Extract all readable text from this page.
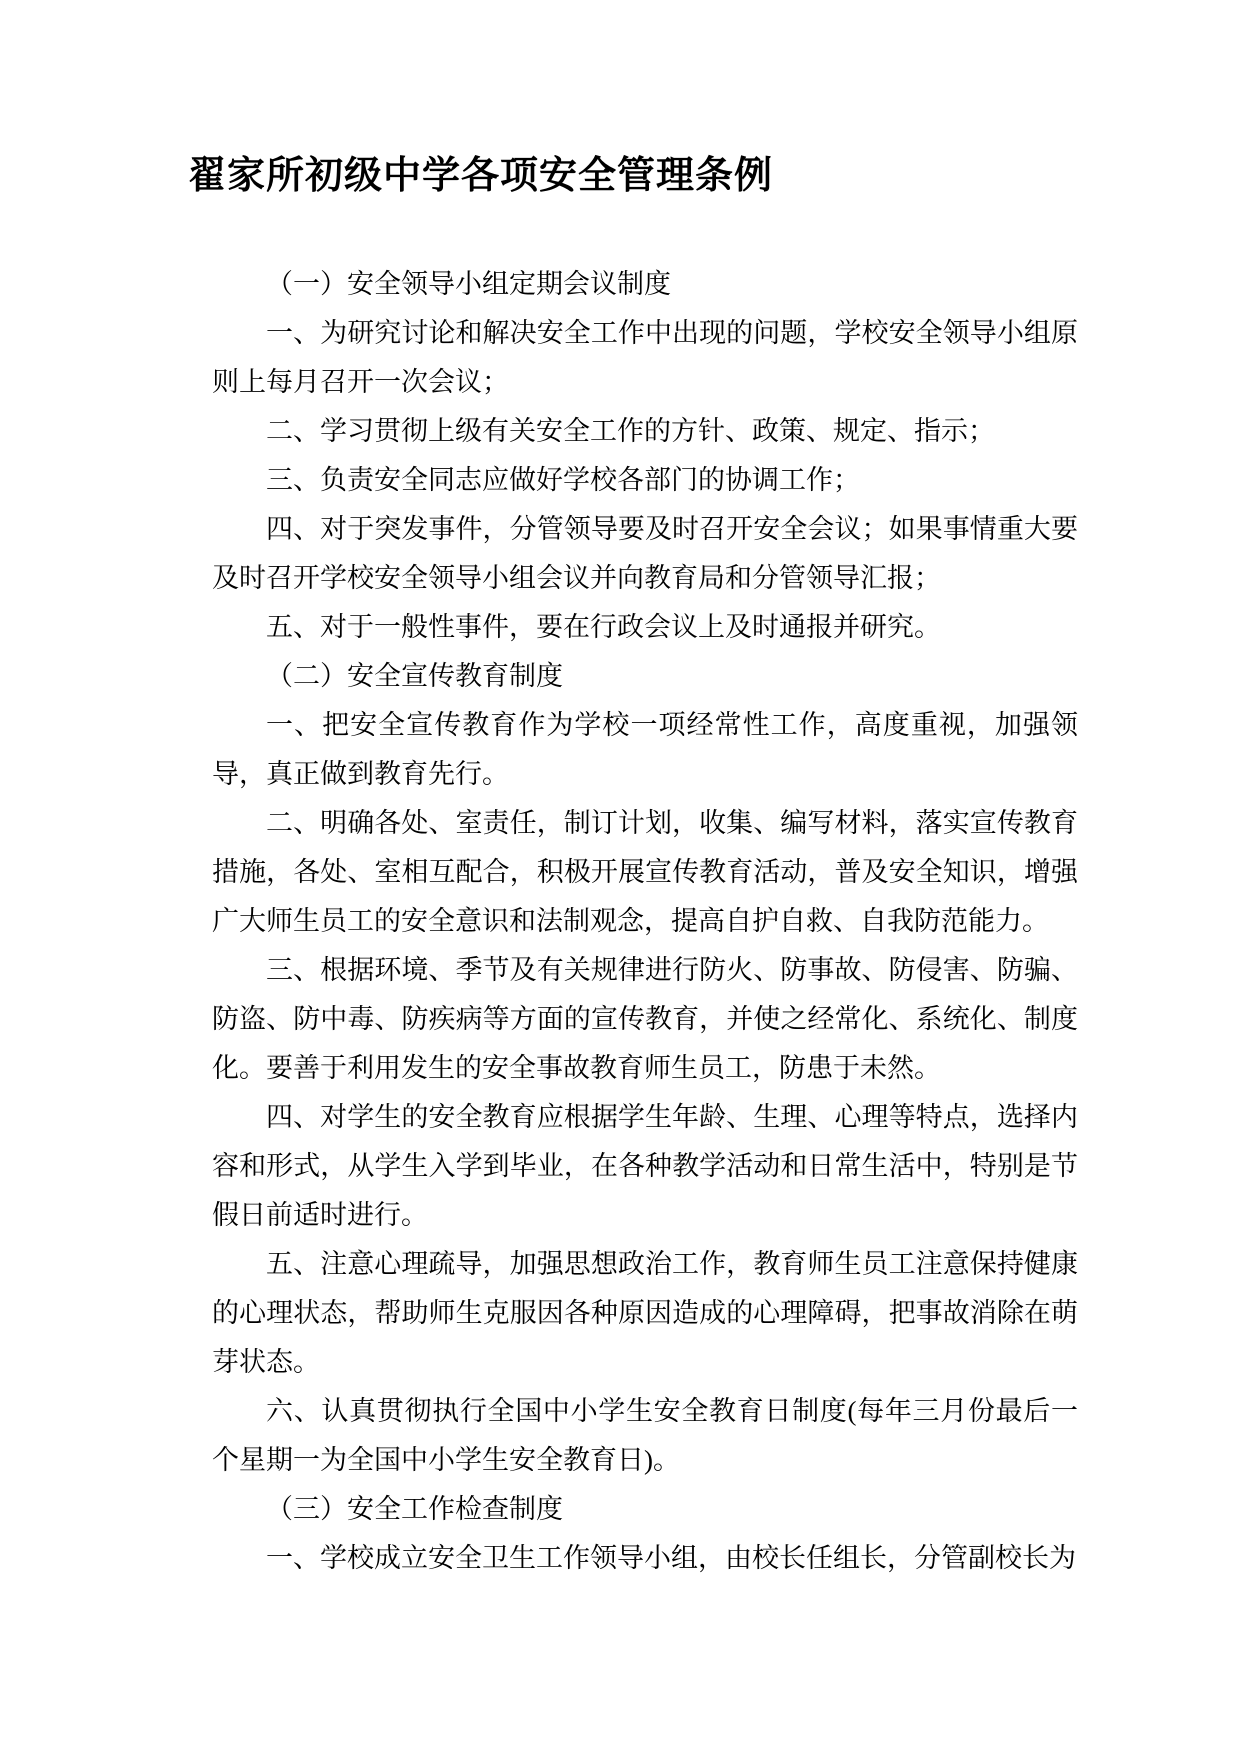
翟家所初级中学各项安全管理条例

（一）安全领导小组定期会议制度

一、为研究讨论和解决安全工作中出现的问题，学校安全领导小组原则上每月召开一次会议；

二、学习贯彻上级有关安全工作的方针、政策、规定、指示；

三、负责安全同志应做好学校各部门的协调工作；

四、对于突发事件，分管领导要及时召开安全会议；如果事情重大要及时召开学校安全领导小组会议并向教育局和分管领导汇报；

五、对于一般性事件，要在行政会议上及时通报并研究。

（二）安全宣传教育制度

一、把安全宣传教育作为学校一项经常性工作，高度重视，加强领导，真正做到教育先行。

二、明确各处、室责任，制订计划，收集、编写材料，落实宣传教育措施，各处、室相互配合，积极开展宣传教育活动，普及安全知识，增强广大师生员工的安全意识和法制观念，提高自护自救、自我防范能力。

三、根据环境、季节及有关规律进行防火、防事故、防侵害、防骗、防盗、防中毒、防疾病等方面的宣传教育，并使之经常化、系统化、制度化。要善于利用发生的安全事故教育师生员工，防患于未然。

四、对学生的安全教育应根据学生年龄、生理、心理等特点，选择内容和形式，从学生入学到毕业，在各种教学活动和日常生活中，特别是节假日前适时进行。

五、注意心理疏导，加强思想政治工作，教育师生员工注意保持健康的心理状态，帮助师生克服因各种原因造成的心理障碍，把事故消除在萌芽状态。

六、认真贯彻执行全国中小学生安全教育日制度(每年三月份最后一个星期一为全国中小学生安全教育日)。

（三）安全工作检查制度

一、学校成立安全卫生工作领导小组，由校长任组长，分管副校长为
